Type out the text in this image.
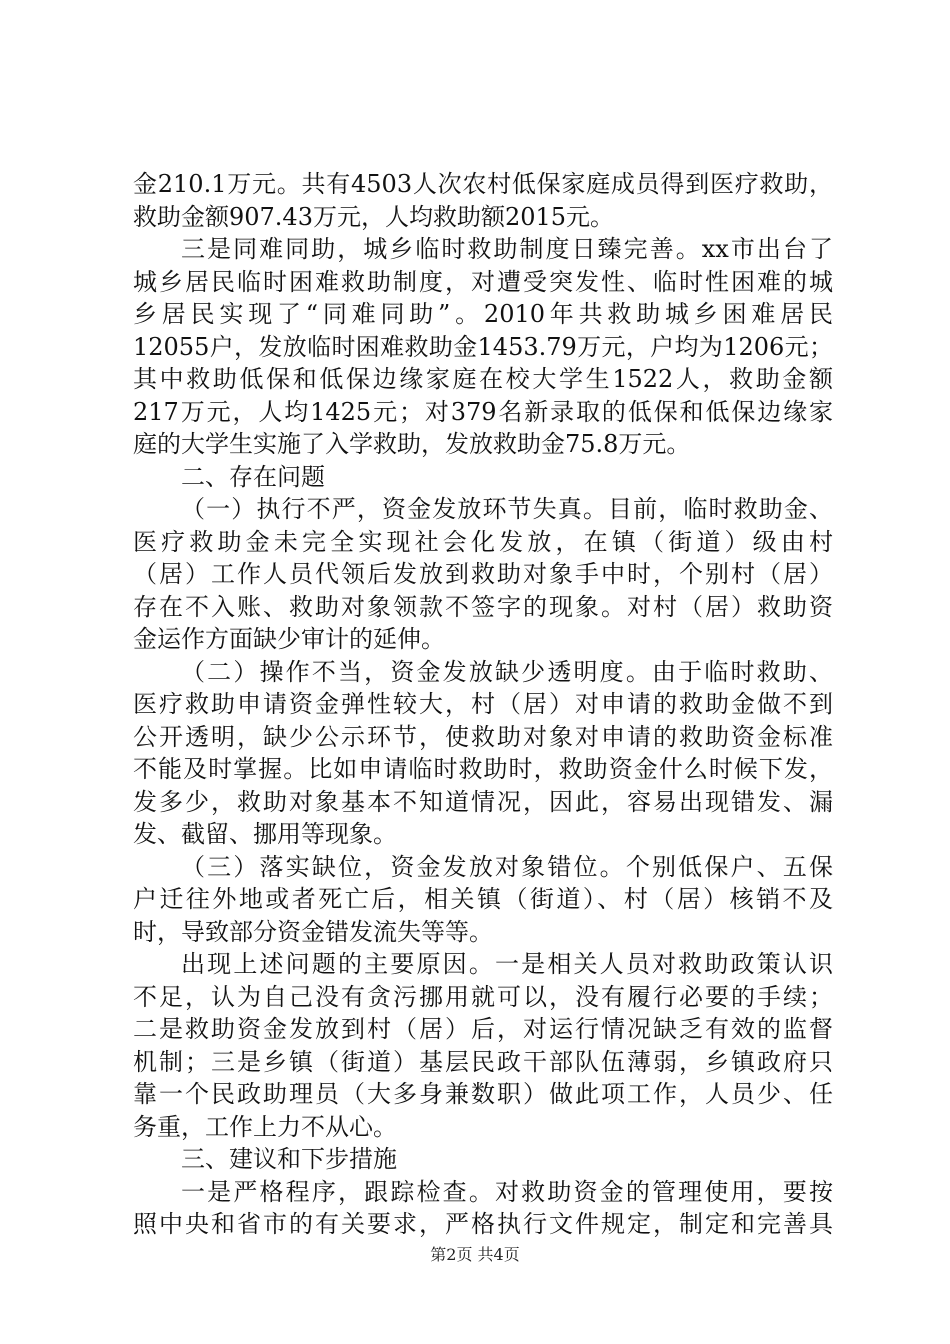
金210.1万元。共有4503人次农村低保家庭成员得到医疗救助，
救助金额907.43万元，人均救助额2015元。
三是同难同助，城乡临时救助制度日臻完善。xx市出台了
城乡居民临时困难救助制度，对遭受突发性、临时性困难的城
乡居民实现了“同难同助”。2010年共救助城乡困难居民
12055户，发放临时困难救助金1453.79万元，户均为1206元；
其中救助低保和低保边缘家庭在校大学生1522人，救助金额
217万元，人均1425元；对379名新录取的低保和低保边缘家
庭的大学生实施了入学救助，发放救助金75.8万元。
二、存在问题
（一）执行不严，资金发放环节失真。目前，临时救助金、
医疗救助金未完全实现社会化发放，在镇（街道）级由村
（居）工作人员代领后发放到救助对象手中时，个别村（居）
存在不入账、救助对象领款不签字的现象。对村（居）救助资
金运作方面缺少审计的延伸。
（二）操作不当，资金发放缺少透明度。由于临时救助、
医疗救助申请资金弹性较大，村（居）对申请的救助金做不到
公开透明，缺少公示环节，使救助对象对申请的救助资金标准
不能及时掌握。比如申请临时救助时，救助资金什么时候下发，
发多少，救助对象基本不知道情况，因此，容易出现错发、漏
发、截留、挪用等现象。
（三）落实缺位，资金发放对象错位。个别低保户、五保
户迁往外地或者死亡后，相关镇（街道）、村（居）核销不及
时，导致部分资金错发流失等等。
出现上述问题的主要原因。一是相关人员对救助政策认识
不足，认为自己没有贪污挪用就可以，没有履行必要的手续；
二是救助资金发放到村（居）后，对运行情况缺乏有效的监督
机制；三是乡镇（街道）基层民政干部队伍薄弱，乡镇政府只
靠一个民政助理员（大多身兼数职）做此项工作，人员少、任
务重，工作上力不从心。
三、建议和下步措施
一是严格程序，跟踪检查。对救助资金的管理使用，要按
照中央和省市的有关要求，严格执行文件规定，制定和完善具
第2页 共4页
